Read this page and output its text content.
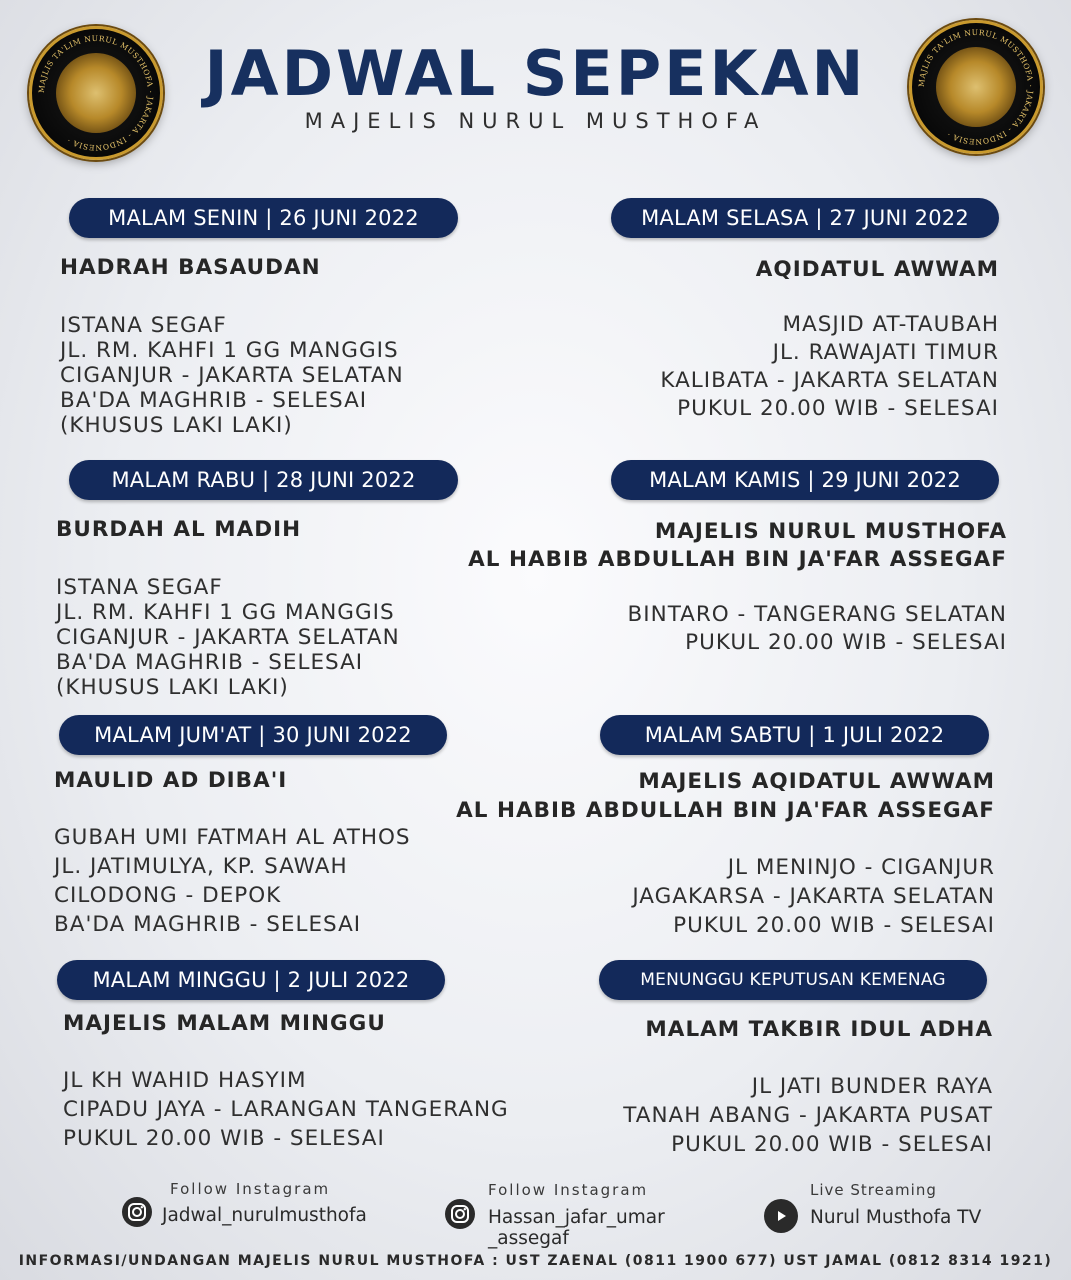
MAJLIS TA'LIM NURUL MUSTHOFA · JAKARTA - INDONESIA ·
MAJLIS TA'LIM NURUL MUSTHOFA · JAKARTA - INDONESIA ·
JADWAL SEPEKAN
MAJELIS NURUL MUSTHOFA
MALAM SENIN | 26 JUNI 2022
HADRAH BASAUDAN
ISTANA SEGAF
JL. RM. KAHFI 1 GG MANGGIS
CIGANJUR - JAKARTA SELATAN
BA'DA MAGHRIB - SELESAI
(KHUSUS LAKI LAKI)
MALAM SELASA | 27 JUNI 2022
AQIDATUL AWWAM
MASJID AT-TAUBAH
JL. RAWAJATI TIMUR
KALIBATA - JAKARTA SELATAN
PUKUL 20.00 WIB - SELESAI
MALAM RABU | 28 JUNI 2022
BURDAH AL MADIH
ISTANA SEGAF
JL. RM. KAHFI 1 GG MANGGIS
CIGANJUR - JAKARTA SELATAN
BA'DA MAGHRIB - SELESAI
(KHUSUS LAKI LAKI)
MALAM KAMIS | 29 JUNI 2022
MAJELIS NURUL MUSTHOFA
AL HABIB ABDULLAH BIN JA'FAR ASSEGAF
BINTARO - TANGERANG SELATAN
PUKUL 20.00 WIB - SELESAI
MALAM JUM'AT | 30 JUNI 2022
MAULID AD DIBA'I
GUBAH UMI FATMAH AL ATHOS
JL. JATIMULYA, KP. SAWAH
CILODONG - DEPOK
BA'DA MAGHRIB - SELESAI
MALAM SABTU | 1 JULI 2022
MAJELIS AQIDATUL AWWAM
AL HABIB ABDULLAH BIN JA'FAR ASSEGAF
JL MENINJO - CIGANJUR
JAGAKARSA - JAKARTA SELATAN
PUKUL 20.00 WIB - SELESAI
MALAM MINGGU | 2 JULI 2022
MAJELIS MALAM MINGGU
JL KH WAHID HASYIM
CIPADU JAYA - LARANGAN TANGERANG
PUKUL 20.00 WIB - SELESAI
MENUNGGU KEPUTUSAN KEMENAG
MALAM TAKBIR IDUL ADHA
JL JATI BUNDER RAYA
TANAH ABANG - JAKARTA PUSAT
PUKUL 20.00 WIB - SELESAI
Follow Instagram
Jadwal_nurulmusthofa
Follow Instagram
Hassan_jafar_umar _assegaf
Live Streaming
Nurul Musthofa TV
INFORMASI/UNDANGAN MAJELIS NURUL MUSTHOFA : UST ZAENAL (0811 1900 677) UST JAMAL (0812 8314 1921)
